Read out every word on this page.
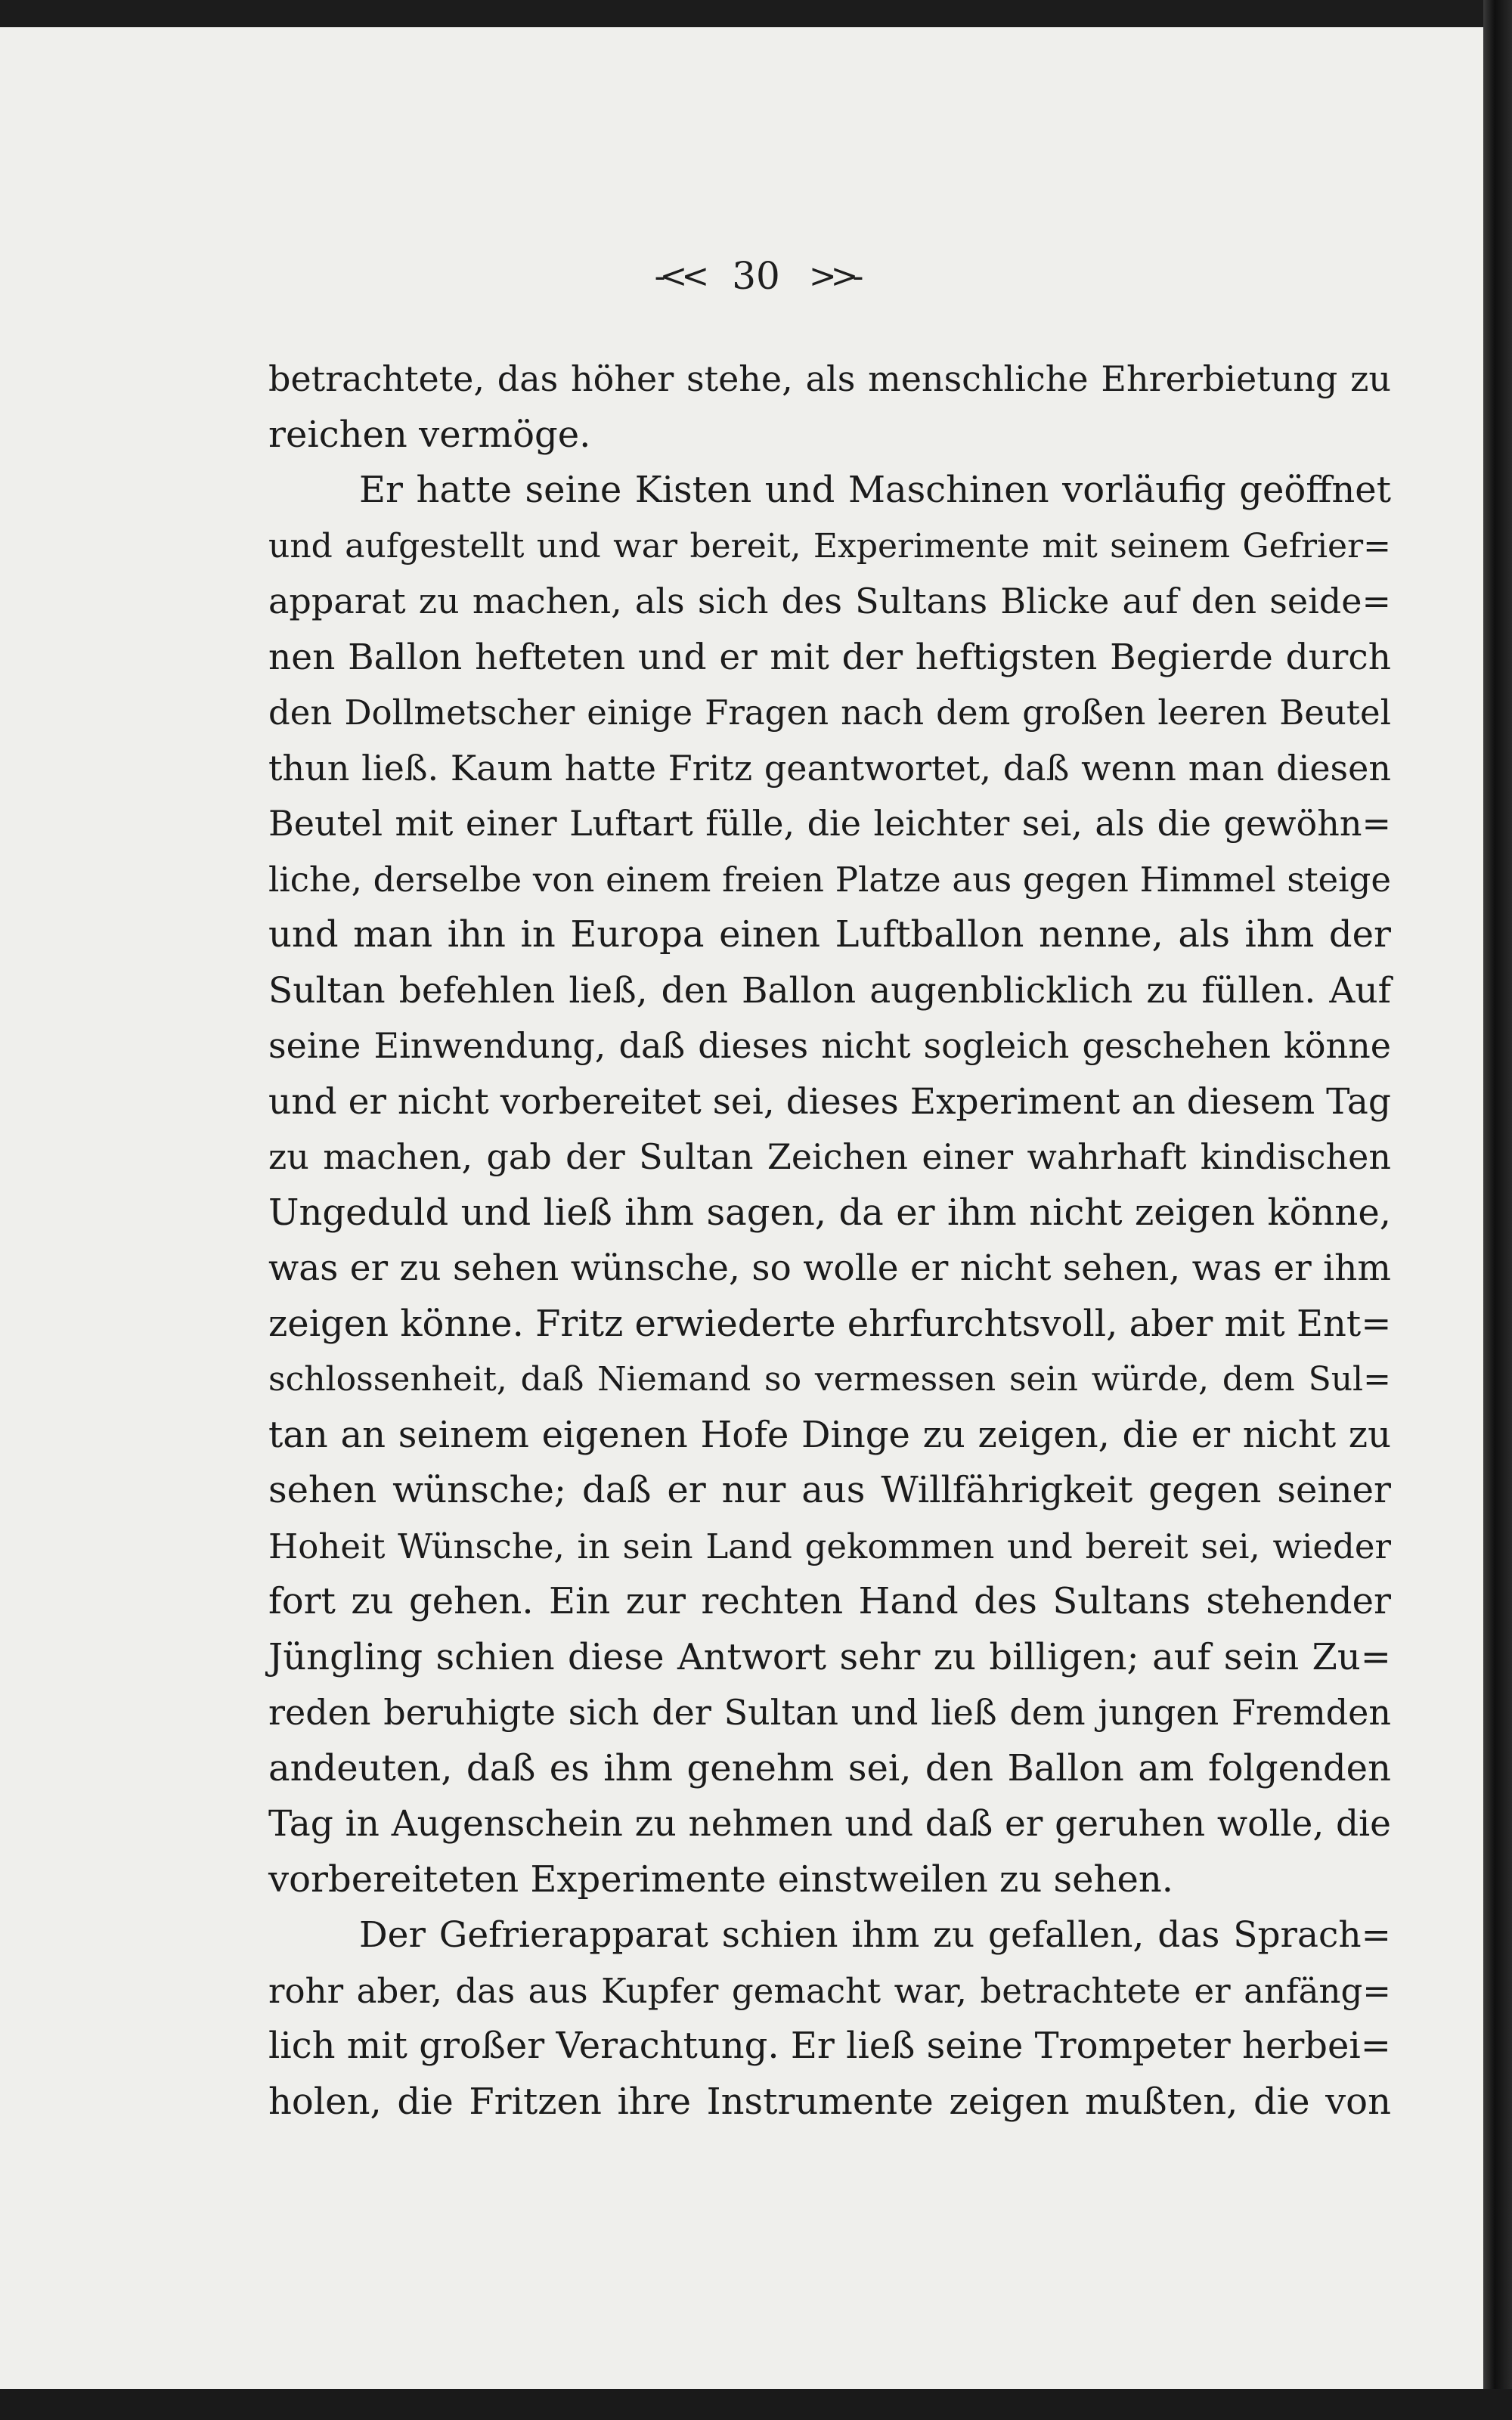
-<< 30 >>-
betrachtete, das höher stehe, als menschliche Ehrerbietung zu
reichen vermöge.
Er hatte seine Kisten und Maschinen vorläufig geöffnet
und aufgestellt und war bereit, Experimente mit seinem Gefrier=
apparat zu machen, als sich des Sultans Blicke auf den seide=
nen Ballon hefteten und er mit der heftigsten Begierde durch
den Dollmetscher einige Fragen nach dem großen leeren Beutel
thun ließ. Kaum hatte Fritz geantwortet, daß wenn man diesen
Beutel mit einer Luftart fülle, die leichter sei, als die gewöhn=
liche, derselbe von einem freien Platze aus gegen Himmel steige
und man ihn in Europa einen Luftballon nenne, als ihm der
Sultan befehlen ließ, den Ballon augenblicklich zu füllen. Auf
seine Einwendung, daß dieses nicht sogleich geschehen könne
und er nicht vorbereitet sei, dieses Experiment an diesem Tag
zu machen, gab der Sultan Zeichen einer wahrhaft kindischen
Ungeduld und ließ ihm sagen, da er ihm nicht zeigen könne,
was er zu sehen wünsche, so wolle er nicht sehen, was er ihm
zeigen könne. Fritz erwiederte ehrfurchtsvoll, aber mit Ent=
schlossenheit, daß Niemand so vermessen sein würde, dem Sul=
tan an seinem eigenen Hofe Dinge zu zeigen, die er nicht zu
sehen wünsche; daß er nur aus Willfährigkeit gegen seiner
Hoheit Wünsche, in sein Land gekommen und bereit sei, wieder
fort zu gehen. Ein zur rechten Hand des Sultans stehender
Jüngling schien diese Antwort sehr zu billigen; auf sein Zu=
reden beruhigte sich der Sultan und ließ dem jungen Fremden
andeuten, daß es ihm genehm sei, den Ballon am folgenden
Tag in Augenschein zu nehmen und daß er geruhen wolle, die
vorbereiteten Experimente einstweilen zu sehen.
Der Gefrierapparat schien ihm zu gefallen, das Sprach=
rohr aber, das aus Kupfer gemacht war, betrachtete er anfäng=
lich mit großer Verachtung. Er ließ seine Trompeter herbei=
holen, die Fritzen ihre Instrumente zeigen mußten, die von
